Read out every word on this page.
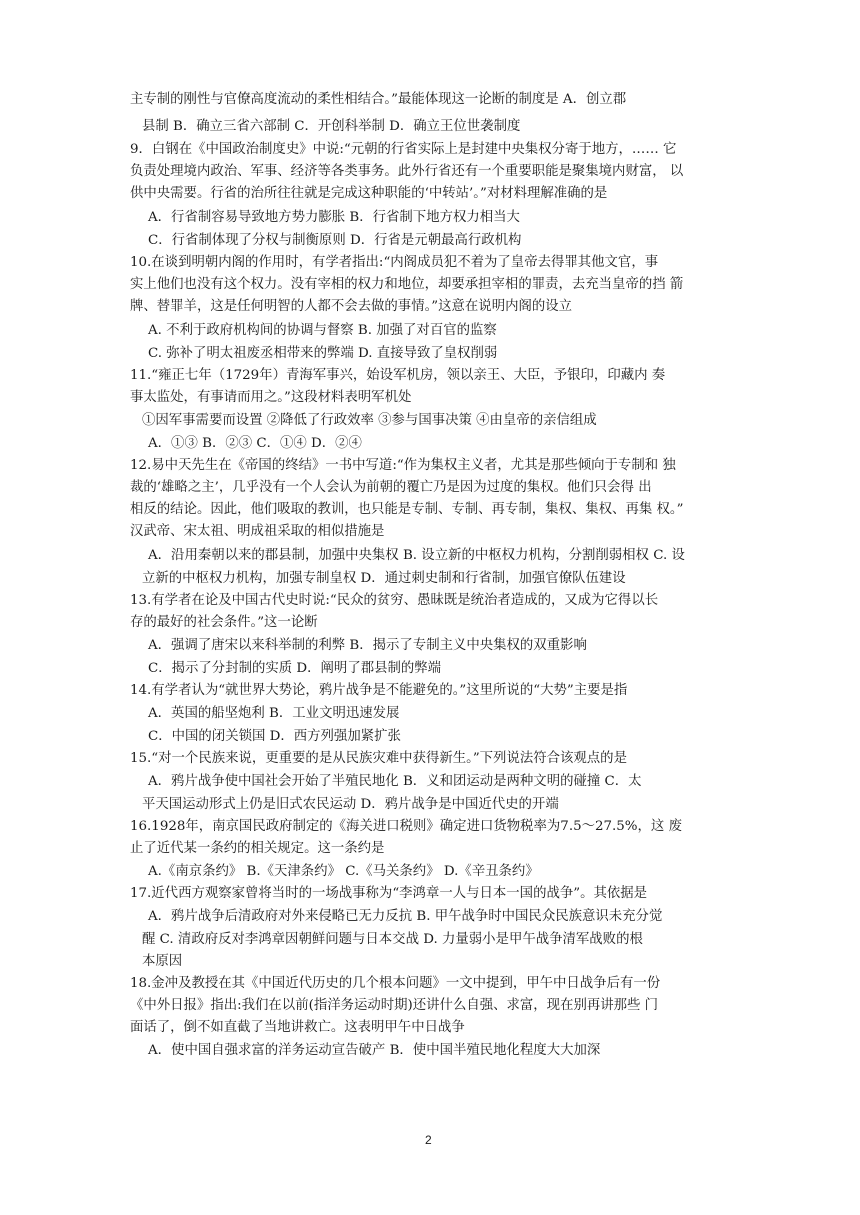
主专制的刚性与官僚高度流动的柔性相结合。”最能体现这一论断的制度是 A．创立郡
县制 B．确立三省六部制 C．开创科举制 D．确立王位世袭制度
9．白钢在《中国政治制度史》中说:“元朝的行省实际上是封建中央集权分寄于地方，…… 它
负责处理境内政治、军事、经济等各类事务。此外行省还有一个重要职能是聚集境内财富， 以
供中央需要。行省的治所往往就是完成这种职能的‘中转站’。”对材料理解准确的是
A．行省制容易导致地方势力膨胀 B．行省制下地方权力相当大
C．行省制体现了分权与制衡原则 D．行省是元朝最高行政机构
10.在谈到明朝内阁的作用时，有学者指出:“内阁成员犯不着为了皇帝去得罪其他文官，事
实上他们也没有这个权力。没有宰相的权力和地位，却要承担宰相的罪责，去充当皇帝的挡 箭
牌、替罪羊，这是任何明智的人都不会去做的事情。”这意在说明内阁的设立
A. 不利于政府机构间的协调与督察 B. 加强了对百官的监察
C. 弥补了明太祖废丞相带来的弊端 D. 直接导致了皇权削弱
11.“雍正七年（1729年）青海军事兴，始设军机房，领以亲王、大臣，予银印，印藏内 奏
事太监处，有事请而用之。”这段材料表明军机处
①因军事需要而设置 ②降低了行政效率 ③参与国事决策 ④由皇帝的亲信组成
A．①③ B．②③ C．①④ D．②④
12.易中天先生在《帝国的终结》一书中写道:“作为集权主义者，尤其是那些倾向于专制和 独
裁的‘雄略之主’，几乎没有一个人会认为前朝的覆亡乃是因为过度的集权。他们只会得 出
相反的结论。因此，他们吸取的教训，也只能是专制、专制、再专制，集权、集权、再集 权。”
汉武帝、宋太祖、明成祖采取的相似措施是
A．沿用秦朝以来的郡县制，加强中央集权 B. 设立新的中枢权力机构，分割削弱相权 C. 设
立新的中枢权力机构，加强专制皇权 D．通过刺史制和行省制，加强官僚队伍建设
13.有学者在论及中国古代史时说:“民众的贫穷、愚昧既是统治者造成的，又成为它得以长
存的最好的社会条件。”这一论断
A．强调了唐宋以来科举制的利弊 B．揭示了专制主义中央集权的双重影响
C．揭示了分封制的实质 D．阐明了郡县制的弊端
14.有学者认为“就世界大势论，鸦片战争是不能避免的。”这里所说的“大势”主要是指
A．英国的船坚炮利 B．工业文明迅速发展
C．中国的闭关锁国 D．西方列强加紧扩张
15.“对一个民族来说，更重要的是从民族灾难中获得新生。”下列说法符合该观点的是
A．鸦片战争使中国社会开始了半殖民地化 B．义和团运动是两种文明的碰撞 C．太
平天国运动形式上仍是旧式农民运动 D．鸦片战争是中国近代史的开端
16.1928年，南京国民政府制定的《海关进口税则》确定进口货物税率为7.5～27.5%，这 废
止了近代某一条约的相关规定。这一条约是
A.《南京条约》 B.《天津条约》 C.《马关条约》 D.《辛丑条约》
17.近代西方观察家曾将当时的一场战事称为“李鸿章一人与日本一国的战争”。其依据是
A．鸦片战争后清政府对外来侵略已无力反抗 B. 甲午战争时中国民众民族意识未充分觉
醒 C. 清政府反对李鸿章因朝鲜问题与日本交战 D. 力量弱小是甲午战争清军战败的根
本原因
18.金冲及教授在其《中国近代历史的几个根本问题》一文中提到，甲午中日战争后有一份
《中外日报》指出:我们在以前(指洋务运动时期)还讲什么自强、求富，现在别再讲那些 门
面话了，倒不如直截了当地讲救亡。这表明甲午中日战争
A．使中国自强求富的洋务运动宣告破产 B．使中国半殖民地化程度大大加深
2
